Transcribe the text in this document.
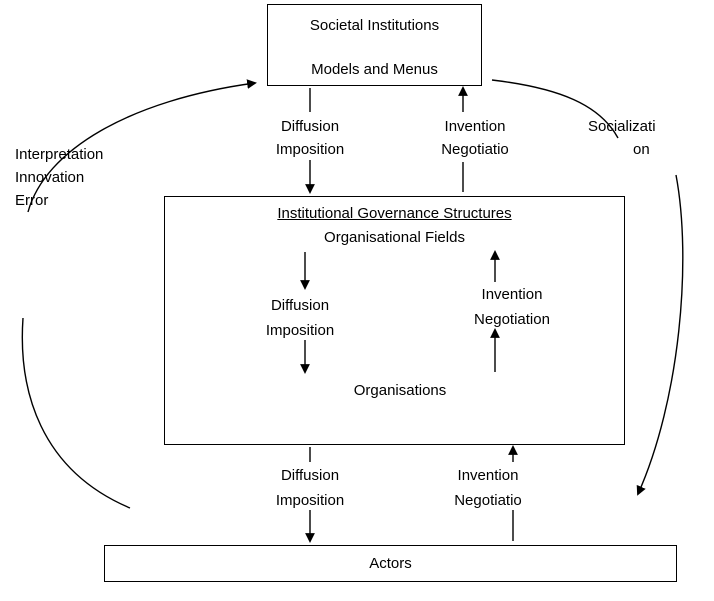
Societal Institutions
Models and Menus
Diffusion
Imposition
Invention
Negotiatio
Interpretation
Innovation
Error
Socializati
on
Institutional Governance Structures
Organisational Fields
Diffusion
Imposition
Invention
Negotiation
Organisations
Diffusion
Imposition
Invention
Negotiatio
Actors
